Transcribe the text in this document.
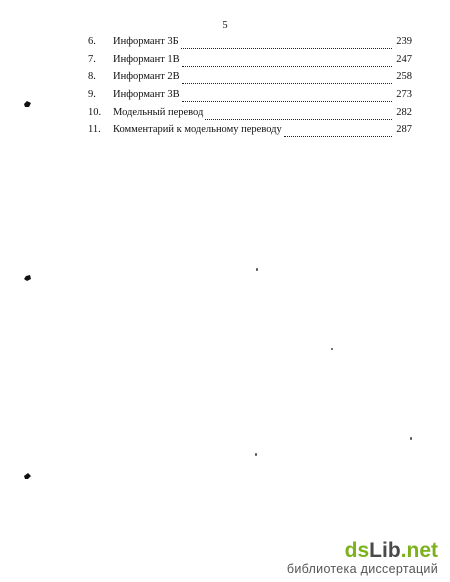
5
6.	Информант 3Б	239
7.	Информант 1В	247
8.	Информант 2В	258
9.	Информант 3В	273
10.	Модельный перевод	282
11.	Комментарий к модельному переводу	287
dsLib.net
библиотека диссертаций
